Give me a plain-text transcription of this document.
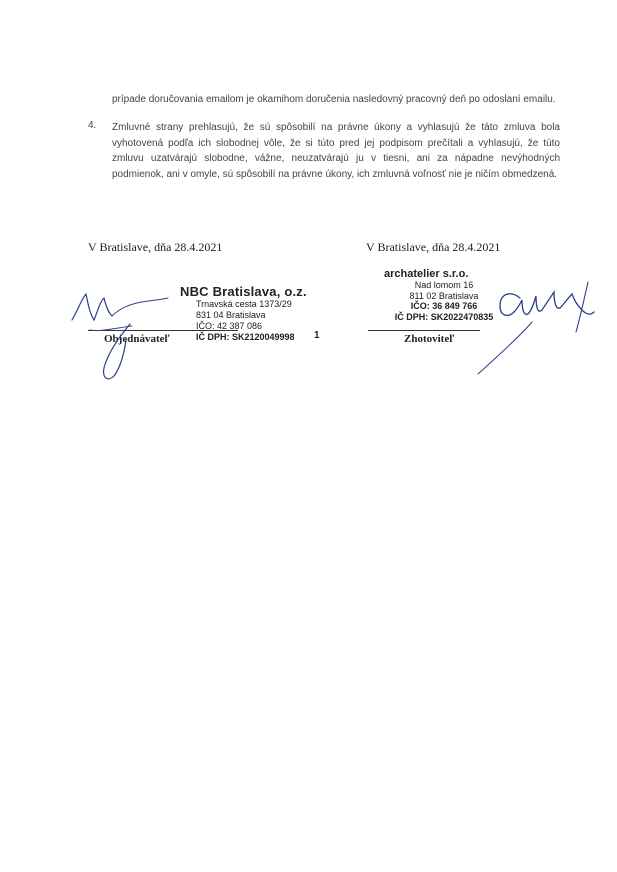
prípade doručovania emailom je okamihom doručenia nasledovný pracovný deň po odoslaní emailu.
4. Zmluvné strany prehlasujú, že sú spôsobilí na právne úkony a vyhlasujú že táto zmluva bola vyhotovená podľa ich slobodnej vôle, že si túto pred jej podpisom prečítali a vyhlasujú, že túto zmluvu uzatvárajú slobodne, vážne, neuzatvárajú ju v tiesni, ani za nápadne nevýhodných podmienok, ani v omyle, sú spôsobilí na právne úkony, ich zmluvná voľnosť nie je ničím obmedzená.
V Bratislave, dňa 28.4.2021	V Bratislave, dňa 28.4.2021
NBC Bratislava, o.z.
Trnavská cesta 1373/29
831 04 Bratislava
IČO: 42 387 086
IČ DPH: SK2120049998
archatelier s.r.o.
Nad lomom 16
811 02 Bratislava
IČO: 36 849 766
IČ DPH: SK2022470835
1
Objednávateľ	Zhotoviteľ
